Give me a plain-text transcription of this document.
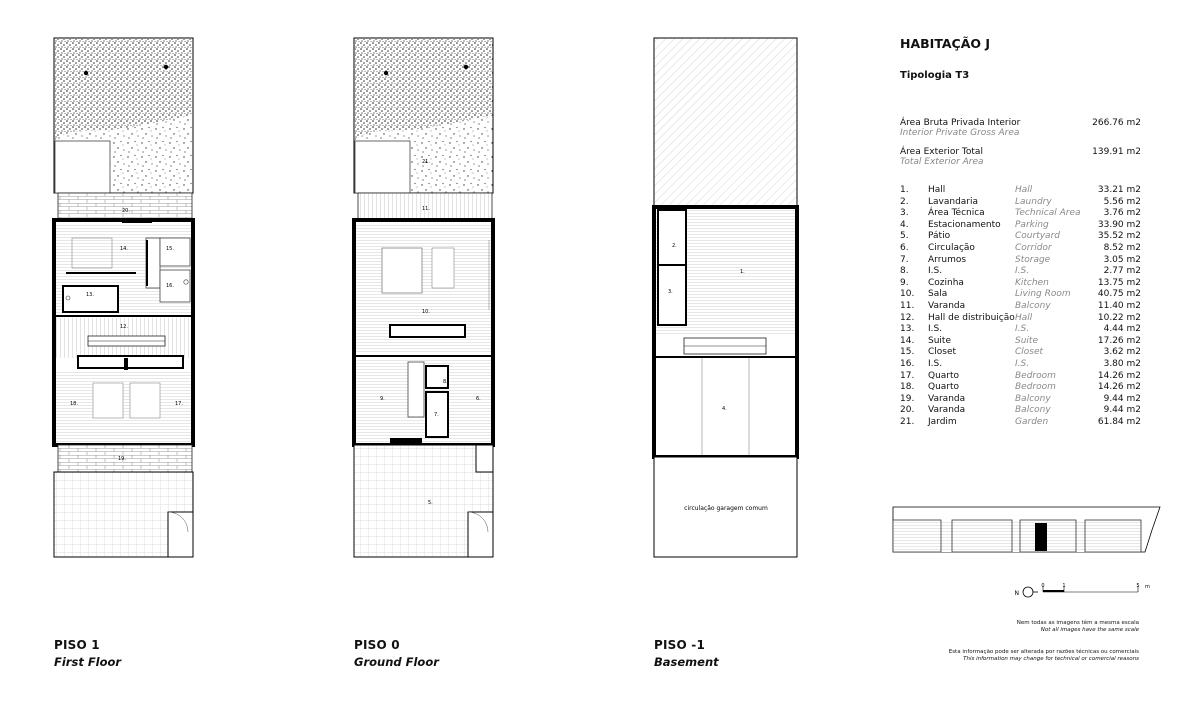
20.
14.	15.
16.
13.
12.
18.	17.
19.
21.
11.
10.
9.
8.
7.
6.
5.
2.
3.
1.
4.
circulação garagem comum
N
0	1	5 m
PISO 1
First Floor
PISO 0
Ground Floor
PISO -1
Basement
HABITAÇÃO J
Tipologia T3
Área Bruta Privada Interior
Interior Private Gross Area
266.76 m2
Área Exterior Total
Total Exterior Area
139.91 m2
1.	Hall	Hall	33.21 m2
2.	Lavandaria	Laundry	5.56 m2
3.	Área Técnica	Technical Area	3.76 m2
4.	Estacionamento	Parking	33.90 m2
5.	Pátio	Courtyard	35.52 m2
6.	Circulação	Corridor	8.52 m2
7.	Arrumos	Storage	3.05 m2
8.	I.S.	I.S.	2.77 m2
9.	Cozinha	Kitchen	13.75 m2
10.	Sala	Living Room	40.75 m2
11.	Varanda	Balcony	11.40 m2
12.	Hall de distribuição	Hall	10.22 m2
13.	I.S.	I.S.	4.44 m2
14.	Suite	Suite	17.26 m2
15.	Closet	Closet	3.62 m2
16.	I.S.	I.S.	3.80 m2
17.	Quarto	Bedroom	14.26 m2
18.	Quarto	Bedroom	14.26 m2
19.	Varanda	Balcony	9.44 m2
20.	Varanda	Balcony	9.44 m2
21.	Jardim	Garden	61.84 m2
Nem todas as imagens têm a mesma escala
Not all images have the same scale
Esta informação pode ser alterada por razões técnicas ou comerciais
This information may change for technical or comercial reasons
